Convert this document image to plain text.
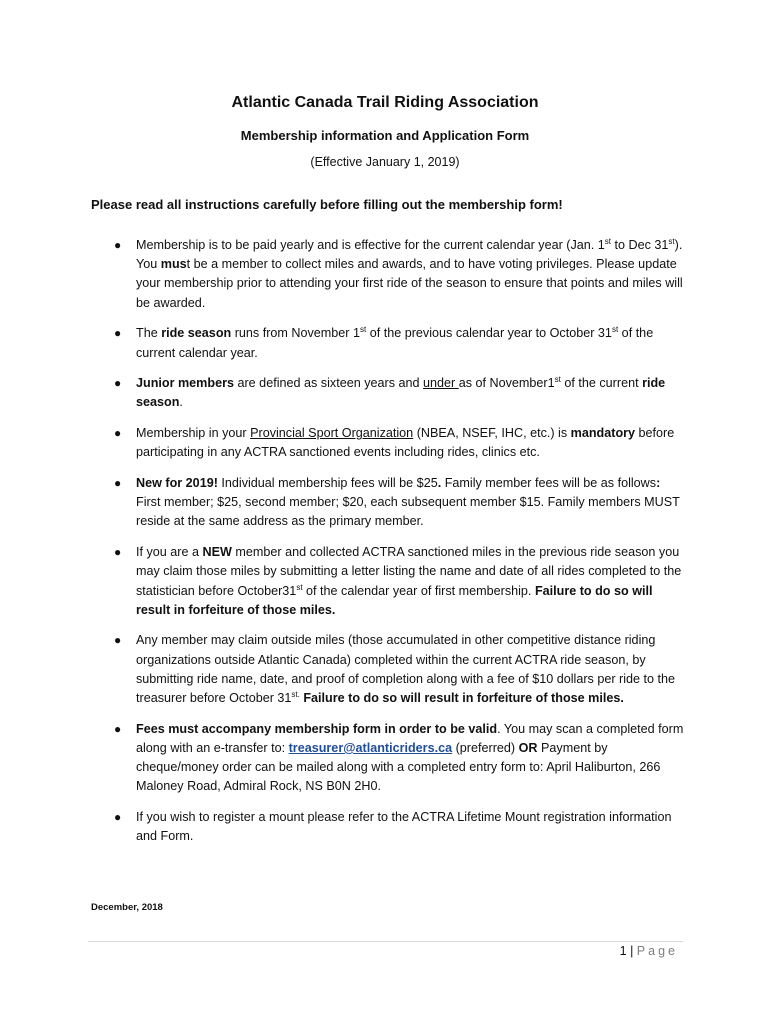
Atlantic Canada Trail Riding Association
Membership information and Application Form
(Effective January 1, 2019)
Please read all instructions carefully before filling out the membership form!
● Membership is to be paid yearly and is effective for the current calendar year (Jan. 1st to Dec 31st). You must be a member to collect miles and awards, and to have voting privileges. Please update your membership prior to attending your first ride of the season to ensure that points and miles will be awarded.

● The ride season runs from November 1st of the previous calendar year to October 31st of the current calendar year.

● Junior members are defined as sixteen years and under as of November1st of the current ride season.

● Membership in your Provincial Sport Organization (NBEA, NSEF, IHC, etc.) is mandatory before participating in any ACTRA sanctioned events including rides, clinics etc.

● New for 2019! Individual membership fees will be $25. Family member fees will be as follows: First member; $25, second member; $20, each subsequent member $15. Family members MUST reside at the same address as the primary member.

● If you are a NEW member and collected ACTRA sanctioned miles in the previous ride season you may claim those miles by submitting a letter listing the name and date of all rides completed to the statistician before October31st of the calendar year of first membership. Failure to do so will result in forfeiture of those miles.

● Any member may claim outside miles (those accumulated in other competitive distance riding organizations outside Atlantic Canada) completed within the current ACTRA ride season, by submitting ride name, date, and proof of completion along with a fee of $10 dollars per ride to the treasurer before October $31^{st.}$ Failure to do so will result in forfeiture of those miles.

● Fees must accompany membership form in order to be valid. You may scan a completed form along with an e-transfer to: treasurer@atlanticriders.ca (preferred) OR Payment by cheque/money order can be mailed along with a completed entry form to: April Haliburton, 266 Maloney Road, Admiral Rock, NS B0N 2H0.

● If you wish to register a mount please refer to the ACTRA Lifetime Mount registration information and Form.

December, 2018
1 | Page
